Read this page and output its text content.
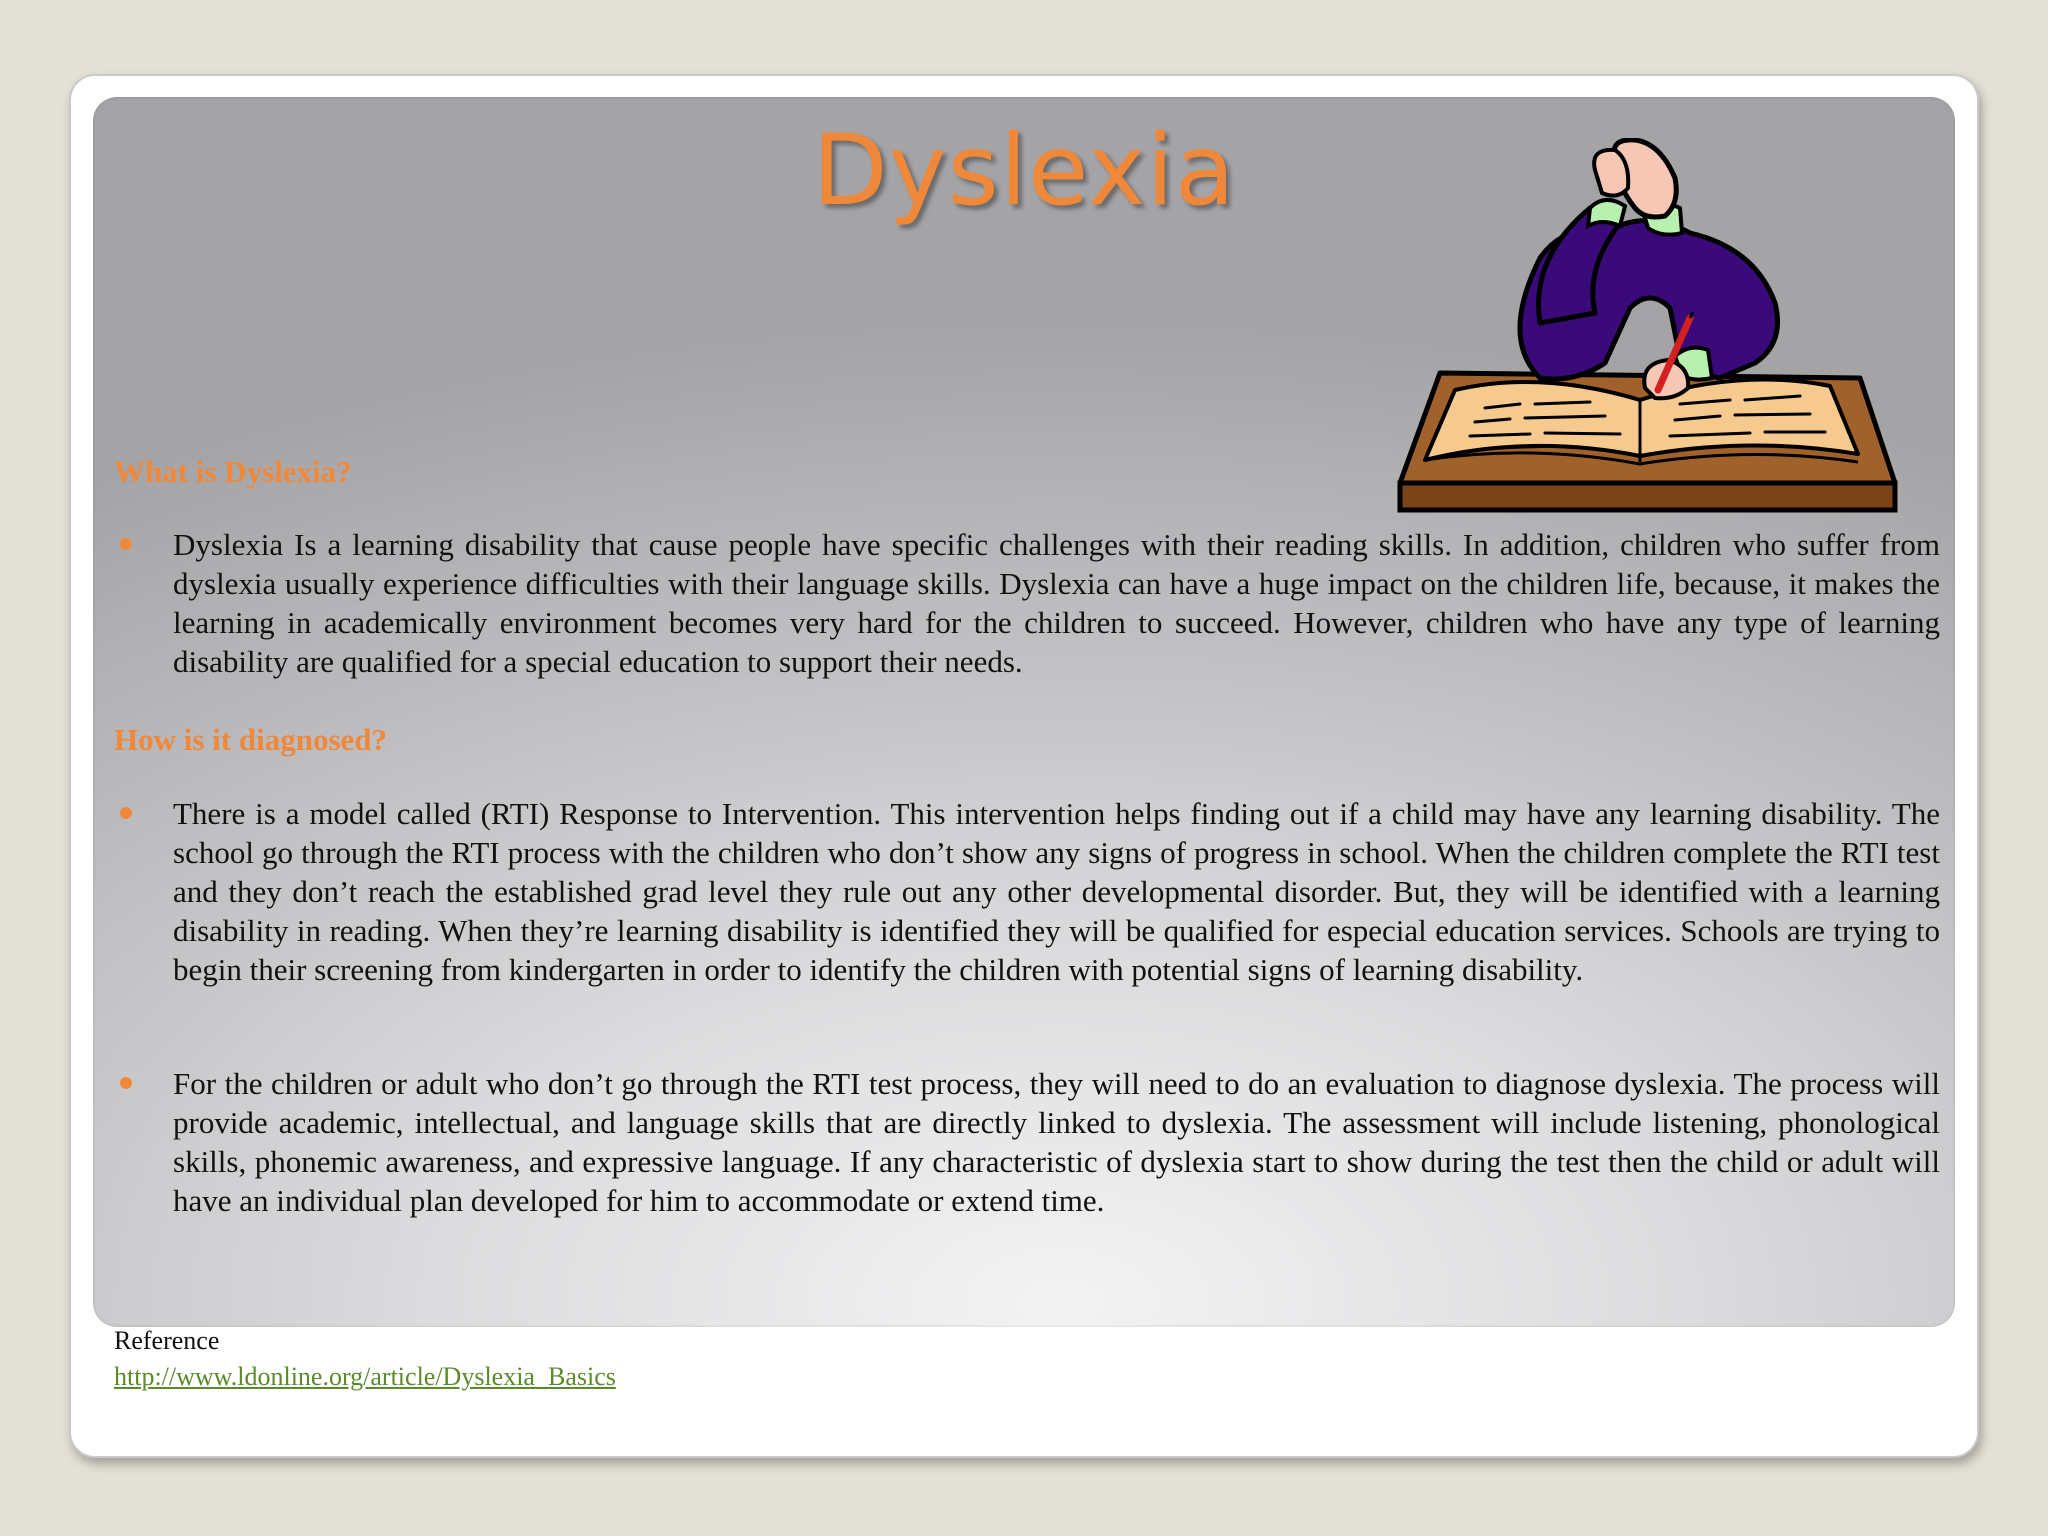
Dyslexia
What is Dyslexia?
Dyslexia Is a learning disability that cause people have specific challenges with their reading skills. In addition, children who suffer from dyslexia usually experience difficulties with their language skills. Dyslexia can have a huge impact on the children life, because, it makes the learning in academically environment becomes very hard for the children to succeed. However, children who have any type of learning disability are qualified for a special education to support their needs.
How is it diagnosed?
There is a model called (RTI) Response to Intervention. This intervention helps finding out if a child may have any learning disability. The school go through the RTI process with the children who don’t show any signs of progress in school. When the children complete the RTI test and they don’t reach the established grad level they rule out any other developmental disorder. But, they will be identified with a learning disability in reading. When they’re learning disability is identified they will be qualified for especial education services. Schools are trying to begin their screening from kindergarten in order to identify the children with potential signs of learning disability.
For the children or adult who don’t go through the RTI test process, they will need to do an evaluation to diagnose dyslexia. The process will provide academic, intellectual, and language skills that are directly linked to dyslexia. The assessment will include listening, phonological skills, phonemic awareness, and expressive language. If any characteristic of dyslexia start to show during the test then the child or adult will have an individual plan developed for him to accommodate or extend time.
Reference
http://www.ldonline.org/article/Dyslexia_Basics
